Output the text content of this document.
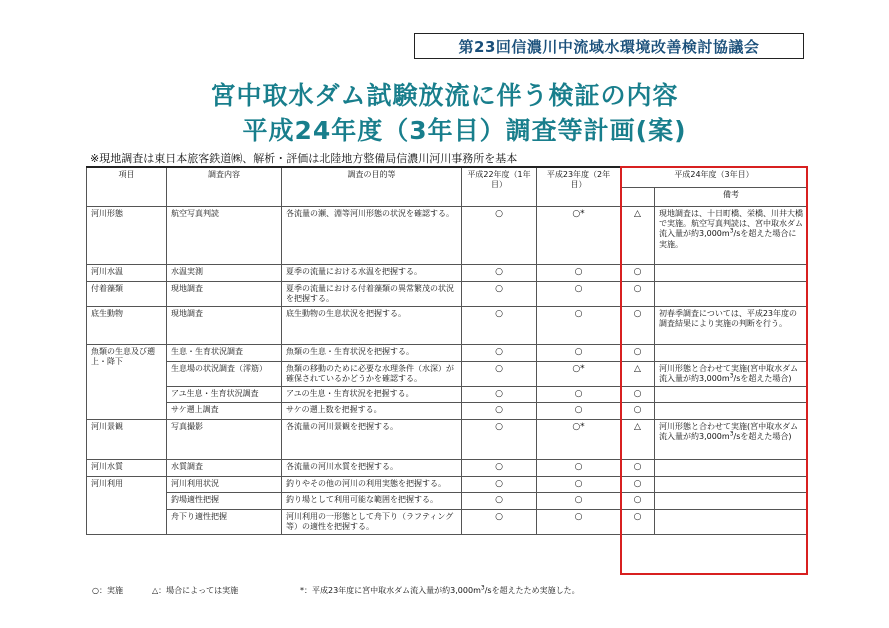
第23回信濃川中流域水環境改善検討協議会
宮中取水ダム試験放流に伴う検証の内容
平成24年度（3年目）調査等計画(案)
※現地調査は東日本旅客鉄道㈱、解析・評価は北陸地方整備局信濃川河川事務所を基本
項目	調査内容	調査の目的等	平成22年度（1年目）	平成23年度（2年目）	平成24年度（3年目）	
						備考
河川形態	航空写真判読	各流量の瀬、淵等河川形態の状況を確認する。	○	○*	△	現地調査は、十日町橋、栄橋、川井大橋で実施。航空写真判読は、宮中取水ダム流入量が約$3,000m^3/s$を超えた場合に実施。
河川水温	水温実測	夏季の流量における水温を把握する。	○	○	○	
付着藻類	現地調査	夏季の流量における付着藻類の異常繁茂の状況を把握する。	○	○	○	
底生動物	現地調査	底生動物の生息状況を把握する。	○	○	○	初春季調査については、平成23年度の調査結果により実施の判断を行う。
魚類の生息及び遡上・降下	生息・生育状況調査	魚類の生息・生育状況を把握する。	○	○	○	
	生息場の状況調査（澪筋）	魚類の移動のために必要な水理条件（水深）が確保されているかどうかを確認する。	○	○*	△	河川形態と合わせて実施(宮中取水ダム流入量が約$3,000m^3/s$を超えた場合)
	アユ生息・生育状況調査	アユの生息・生育状況を把握する。	○	○	○	
	サケ遡上調査	サケの遡上数を把握する。	○	○	○	
河川景観	写真撮影	各流量の河川景観を把握する。	○	○*	△	河川形態と合わせて実施(宮中取水ダム流入量が約$3,000m^3/s$を超えた場合)
河川水質	水質調査	各流量の河川水質を把握する。	○	○	○	
河川利用	河川利用状況	釣りやその他の河川の利用実態を把握する。	○	○	○	
	釣場適性把握	釣り場として利用可能な範囲を把握する。	○	○	○	
	舟下り適性把握	河川利用の一形態として舟下り（ラフティング等）の適性を把握する。	○	○	○	
○：実施	△：場合によっては実施	*：平成23年度に宮中取水ダム流入量が約$3,000m^3/s$を超えたため実施した。
